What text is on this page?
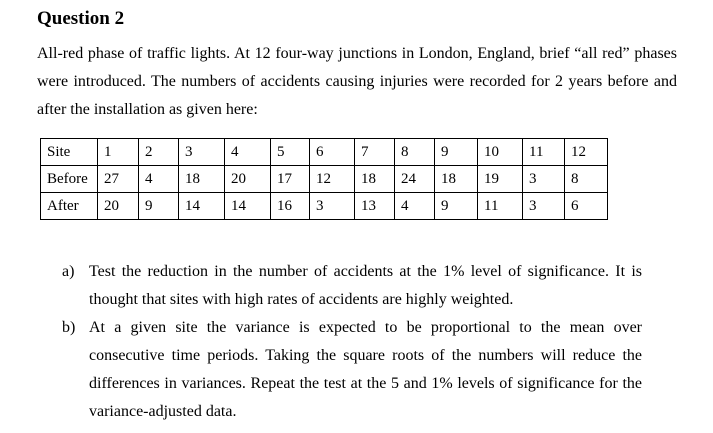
Question 2

All-red phase of traffic lights. At 12 four-way junctions in London, England, brief “all red” phases were introduced. The numbers of accidents causing injuries were recorded for 2 years before and after the installation as given here:

Site	1	2	3	4	5	6	7	8	9	10	11	12
Before	27	4	18	20	17	12	18	24	18	19	3	8
After	20	9	14	14	16	3	13	4	9	11	3	6
a) Test the reduction in the number of accidents at the 1% level of significance. It is thought that sites with high rates of accidents are highly weighted.
b) At a given site the variance is expected to be proportional to the mean over consecutive time periods. Taking the square roots of the numbers will reduce the differences in variances. Repeat the test at the 5 and 1% levels of significance for the variance-adjusted data.
